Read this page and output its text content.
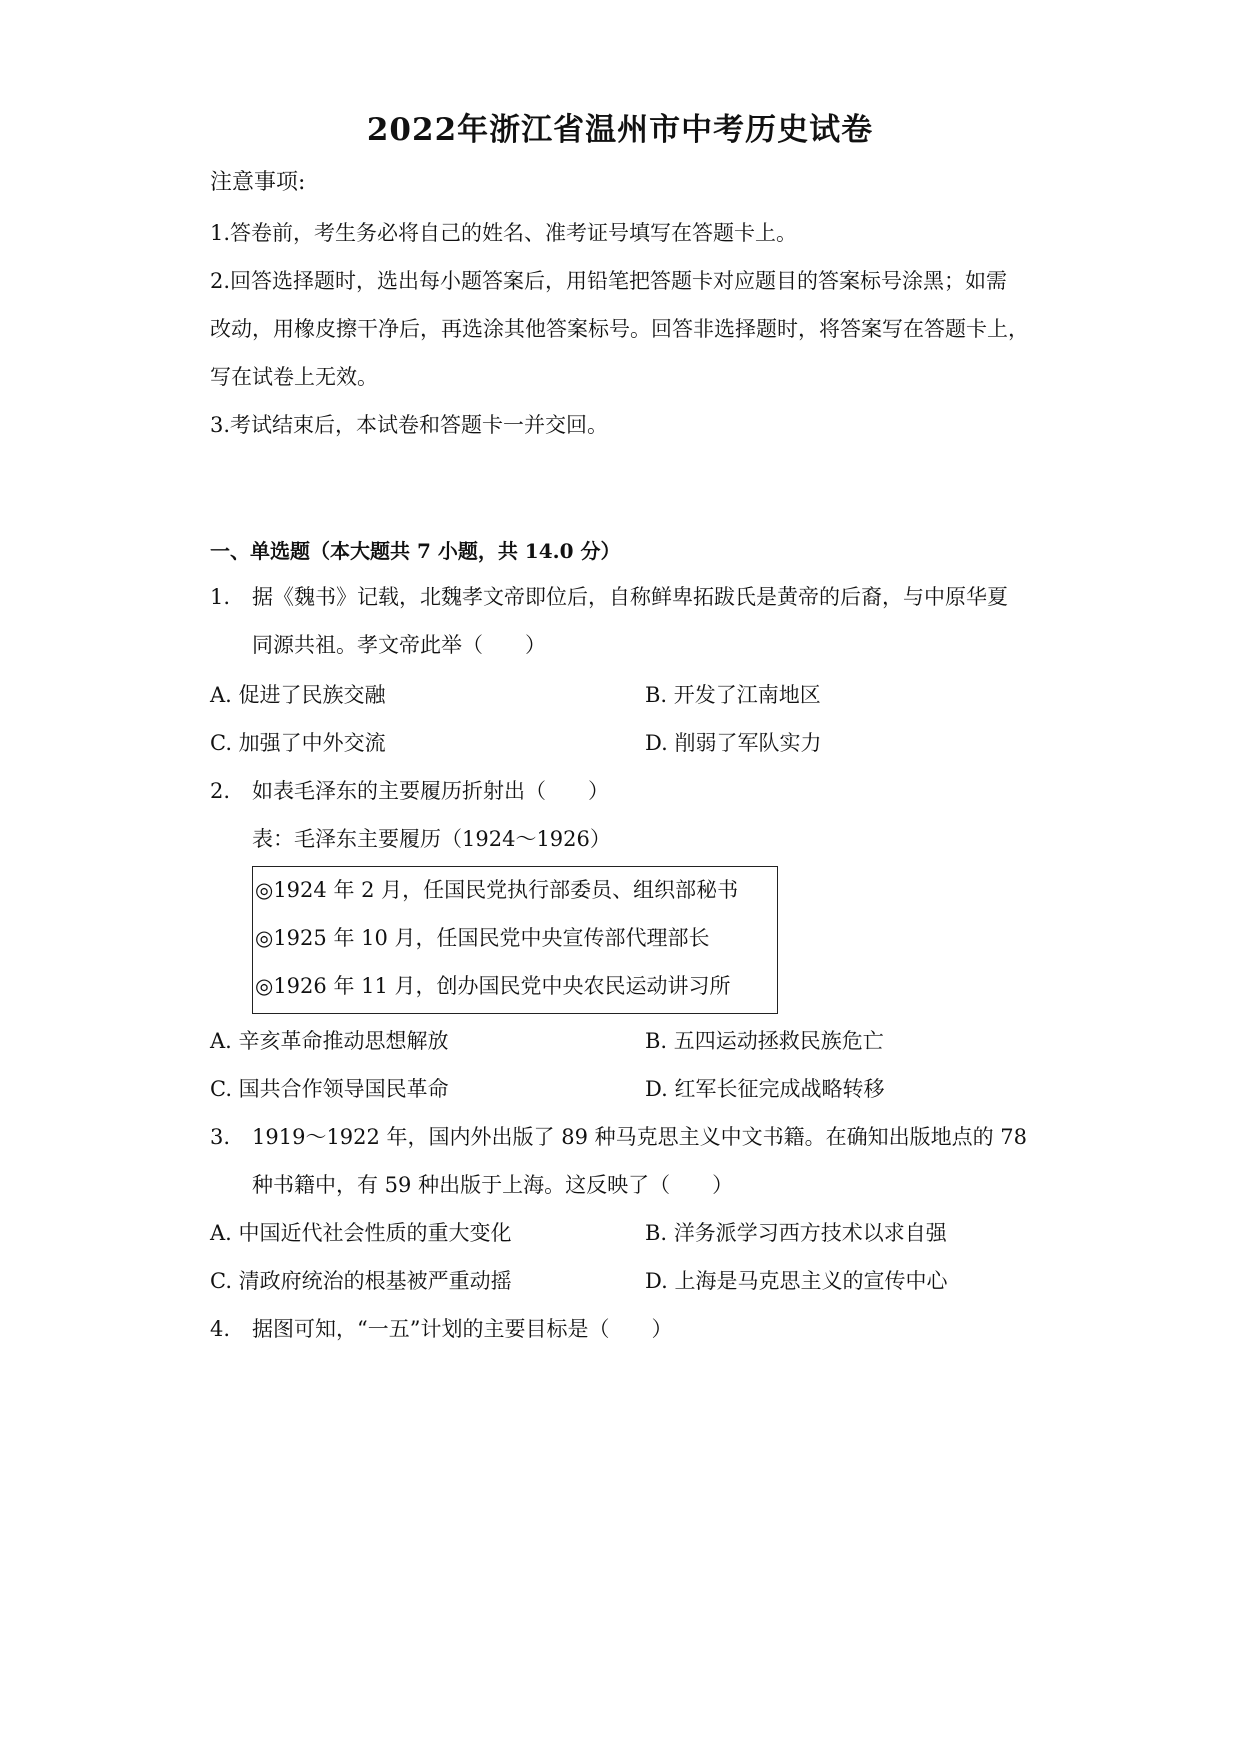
2022年浙江省温州市中考历史试卷
注意事项:
1.答卷前，考生务必将自己的姓名、准考证号填写在答题卡上。
2.回答选择题时，选出每小题答案后，用铅笔把答题卡对应题目的答案标号涂黑；如需
改动，用橡皮擦干净后，再选涂其他答案标号。回答非选择题时，将答案写在答题卡上，
写在试卷上无效。
3.考试结束后，本试卷和答题卡一并交回。
一、单选题（本大题共 7 小题，共 14.0 分）
1. 据《魏书》记载，北魏孝文帝即位后，自称鲜卑拓跋氏是黄帝的后裔，与中原华夏
同源共祖。孝文帝此举（　　）
A. 促进了民族交融	B. 开发了江南地区
C. 加强了中外交流	D. 削弱了军队实力
2. 如表毛泽东的主要履历折射出（　　）
表：毛泽东主要履历（1924～1926）
◎1924 年 2 月，任国民党执行部委员、组织部秘书
◎1925 年 10 月，任国民党中央宣传部代理部长
◎1926 年 11 月，创办国民党中央农民运动讲习所
A. 辛亥革命推动思想解放	B. 五四运动拯救民族危亡
C. 国共合作领导国民革命	D. 红军长征完成战略转移
3. 1919～1922 年，国内外出版了 89 种马克思主义中文书籍。在确知出版地点的 78
种书籍中，有 59 种出版于上海。这反映了（　　）
A. 中国近代社会性质的重大变化	B. 洋务派学习西方技术以求自强
C. 清政府统治的根基被严重动摇	D. 上海是马克思主义的宣传中心
4. 据图可知，“一五”计划的主要目标是（　　）
